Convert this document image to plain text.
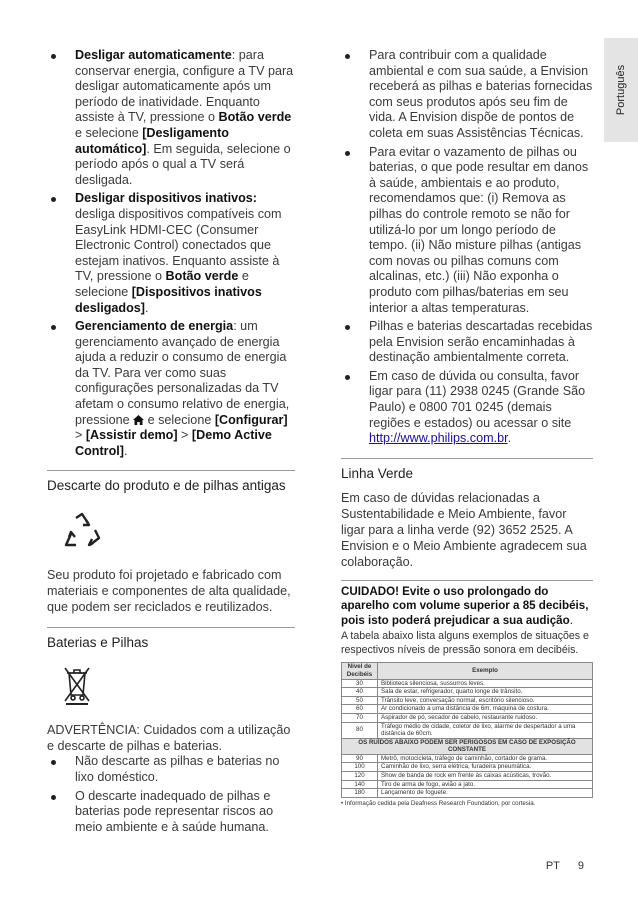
Português
Desligar automaticamente: para conservar energia, configure a TV para desligar automaticamente após um período de inatividade. Enquanto assiste à TV, pressione o Botão verde e selecione [Desligamento automático]. Em seguida, selecione o período após o qual a TV será desligada.
Desligar dispositivos inativos: desliga dispositivos compatíveis com EasyLink HDMI-CEC (Consumer Electronic Control) conectados que estejam inativos. Enquanto assiste à TV, pressione o Botão verde e selecione [Dispositivos inativos desligados].
Gerenciamento de energia: um gerenciamento avançado de energia ajuda a reduzir o consumo de energia da TV. Para ver como suas configurações personalizadas da TV afetam o consumo relativo de energia, pressione  e selecione [Configurar] > [Assistir demo] > [Demo Active Control].
Descarte do produto e de pilhas antigas
Seu produto foi projetado e fabricado com materiais e componentes de alta qualidade, que podem ser reciclados e reutilizados.
Baterias e Pilhas
ADVERTÊNCIA: Cuidados com a utilização e descarte de pilhas e baterias.
Não descarte as pilhas e baterias no lixo doméstico.
O descarte inadequado de pilhas e baterias pode representar riscos ao meio ambiente e à saúde humana.
Para contribuir com a qualidade ambiental e com sua saúde, a Envision receberá as pilhas e baterias fornecidas com seus produtos após seu fim de vida. A Envision dispõe de pontos de coleta em suas Assistências Técnicas.
Para evitar o vazamento de pilhas ou baterias, o que pode resultar em danos à saúde, ambientais e ao produto, recomendamos que: (i) Remova as pilhas do controle remoto se não for utilizá-lo por um longo período de tempo. (ii) Não misture pilhas (antigas com novas ou pilhas comuns com alcalinas, etc.) (iii) Não exponha o produto com pilhas/baterias em seu interior a altas temperaturas.
Pilhas e baterias descartadas recebidas pela Envision serão encaminhadas à destinação ambientalmente correta.
Em caso de dúvida ou consulta, favor ligar para (11) 2938 0245 (Grande São Paulo) e 0800 701 0245 (demais regiões e estados) ou acessar o site http://www.philips.com.br.
Linha Verde
Em caso de dúvidas relacionadas a Sustentabilidade e Meio Ambiente, favor ligar para a linha verde (92) 3652 2525. A Envision e o Meio Ambiente agradecem sua colaboração.
CUIDADO! Evite o uso prolongado do aparelho com volume superior a 85 decibéis, pois isto poderá prejudicar a sua audição.
A tabela abaixo lista alguns exemplos de situações e respectivos níveis de pressão sonora em decibéis.
Nível de Decibéis	Exemplo
30	Biblioteca silenciosa, sussurros leves.
40	Sala de estar, refrigerador, quarto longe de trânsito.
50	Trânsito leve, conversação normal, escritório silencioso.
60	Ar condicionado a uma distância de 6m, máquina de costura.
70	Aspirador de pó, secador de cabelo, restaurante ruidoso.
80	Tráfego médio de cidade, coletor de lixo, alarme de despertador a uma distância de 60cm.
OS RUÍDOS ABAIXO PODEM SER PERIGOSOS EM CASO DE EXPOSIÇÃO CONSTANTE	
90	Metrô, motocicleta, tráfego de caminhão, cortador de grama.
100	Caminhão de lixo, serra elétrica, furadeira pneumática.
120	Show de banda de rock em frente às caixas acústicas, trovão.
140	Tiro de arma de fogo, avião a jato.
180	Lançamento de foguete.
• Informação cedida pela Deafness Research Foundation, por cortesia.
PT 9
